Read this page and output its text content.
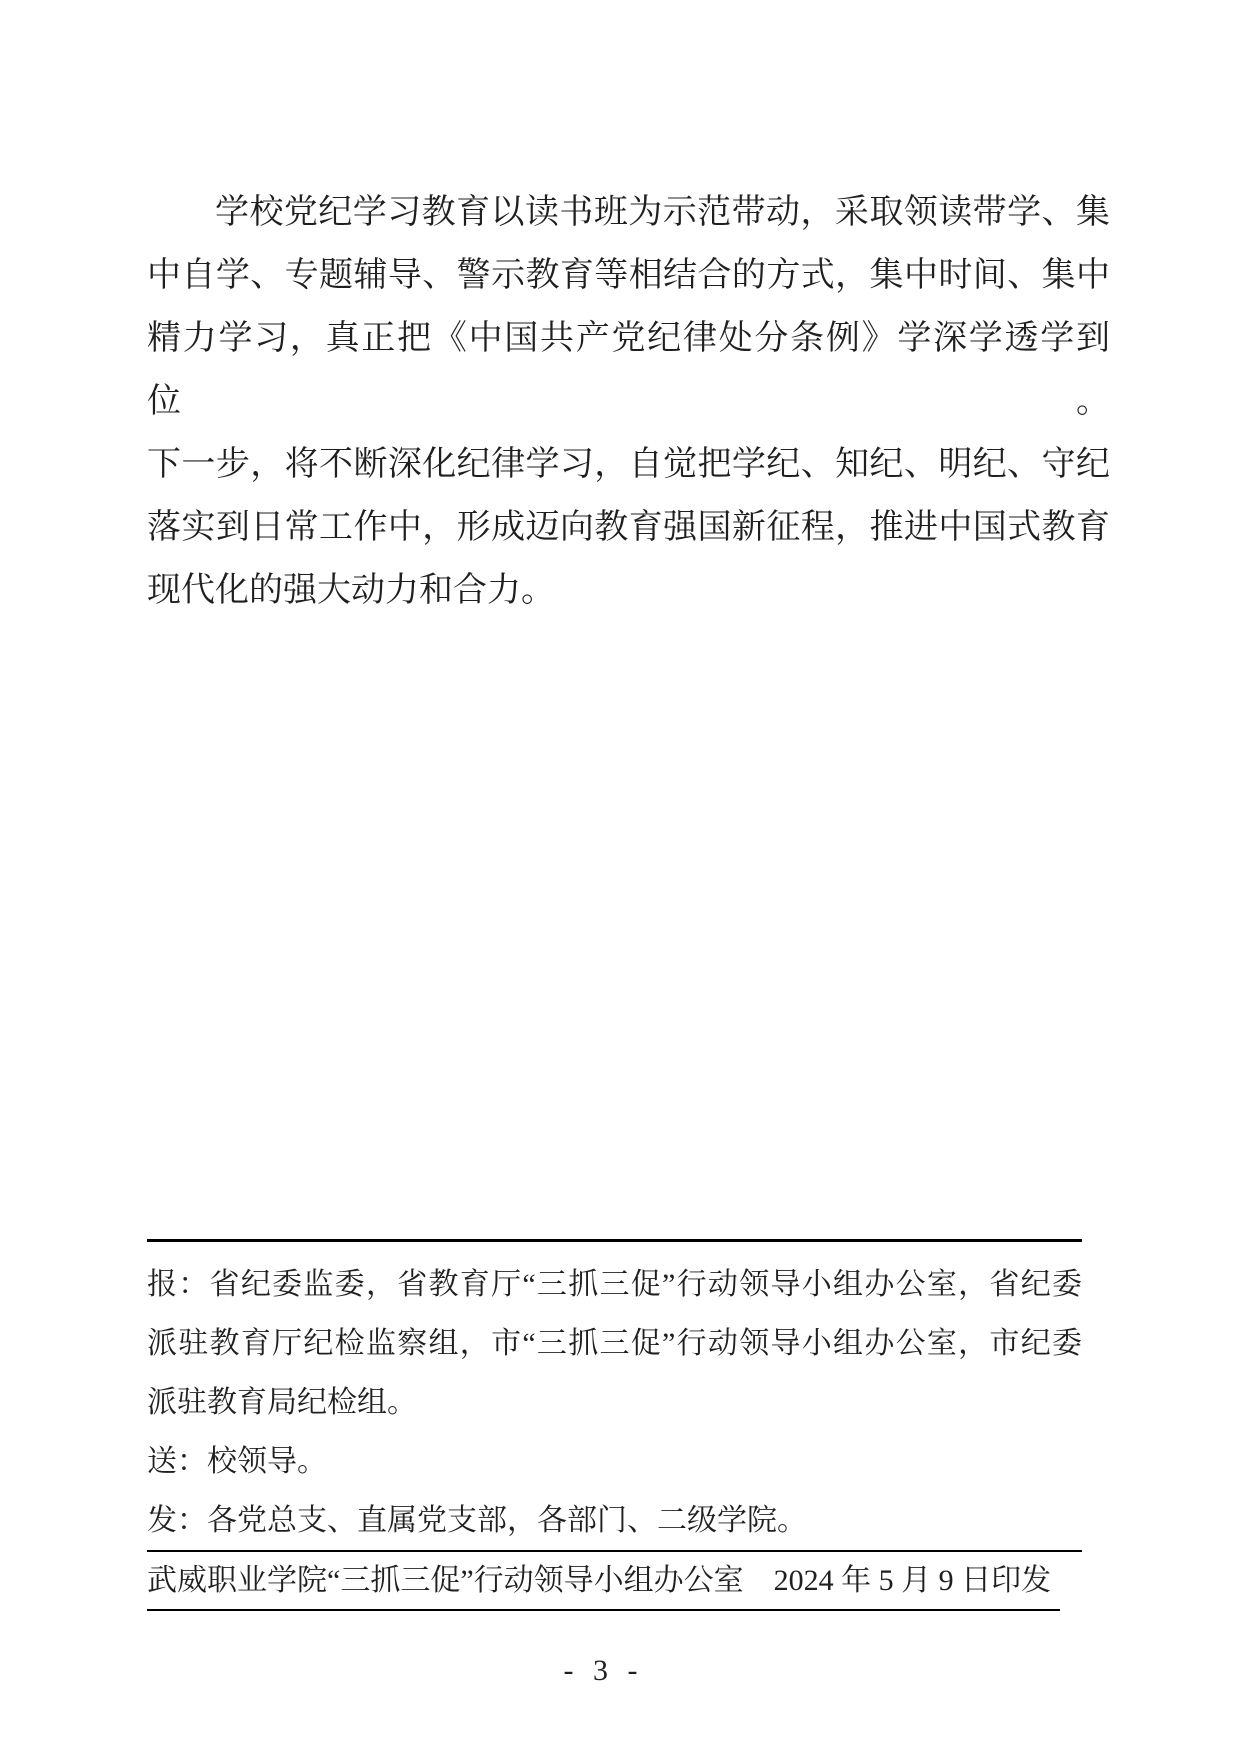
学校党纪学习教育以读书班为示范带动，采取领读带学、集
中自学、专题辅导、警示教育等相结合的方式，集中时间、集中
精力学习，真正把《中国共产党纪律处分条例》学深学透学到位。
下一步，将不断深化纪律学习，自觉把学纪、知纪、明纪、守纪
落实到日常工作中，形成迈向教育强国新征程，推进中国式教育
现代化的强大动力和合力。
报：省纪委监委，省教育厅“三抓三促”行动领导小组办公室，省纪委
派驻教育厅纪检监察组，市“三抓三促”行动领导小组办公室，市纪委
派驻教育局纪检组。
送：校领导。
发：各党总支、直属党支部，各部门、二级学院。
武威职业学院“三抓三促”行动领导小组办公室　2024 年 5 月 9 日印发
- 3 -
